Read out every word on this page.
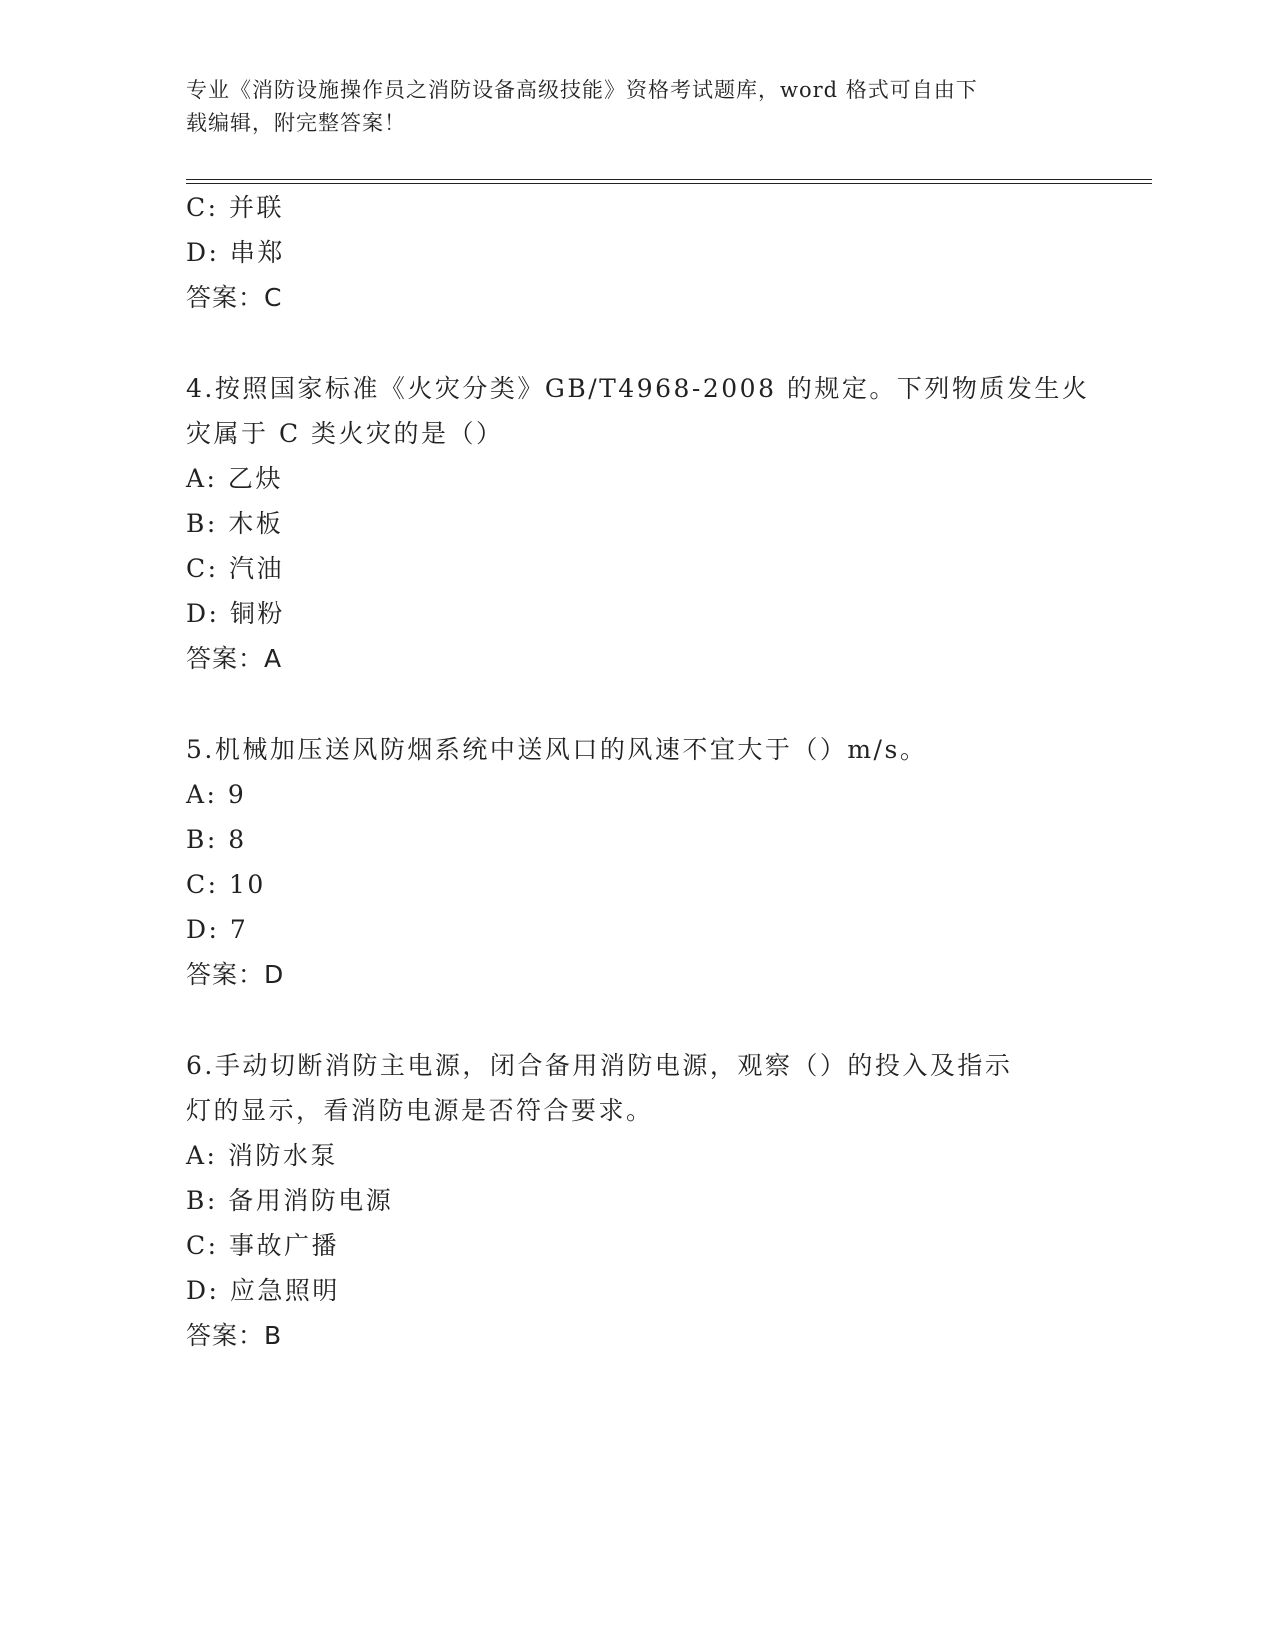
专业《消防设施操作员之消防设备高级技能》资格考试题库，word 格式可自由下
载编辑，附完整答案！
C: 并联
D: 串郑
答案：C
4.按照国家标准《火灾分类》GB/T4968-2008 的规定。下列物质发生火
灾属于 C 类火灾的是（）
A: 乙炔
B: 木板
C: 汽油
D: 铜粉
答案：A
5.机械加压送风防烟系统中送风口的风速不宜大于（）m/s。
A: 9
B: 8
C: 10
D: 7
答案：D
6.手动切断消防主电源，闭合备用消防电源，观察（）的投入及指示
灯的显示，看消防电源是否符合要求。
A: 消防水泵
B: 备用消防电源
C: 事故广播
D: 应急照明
答案：B
